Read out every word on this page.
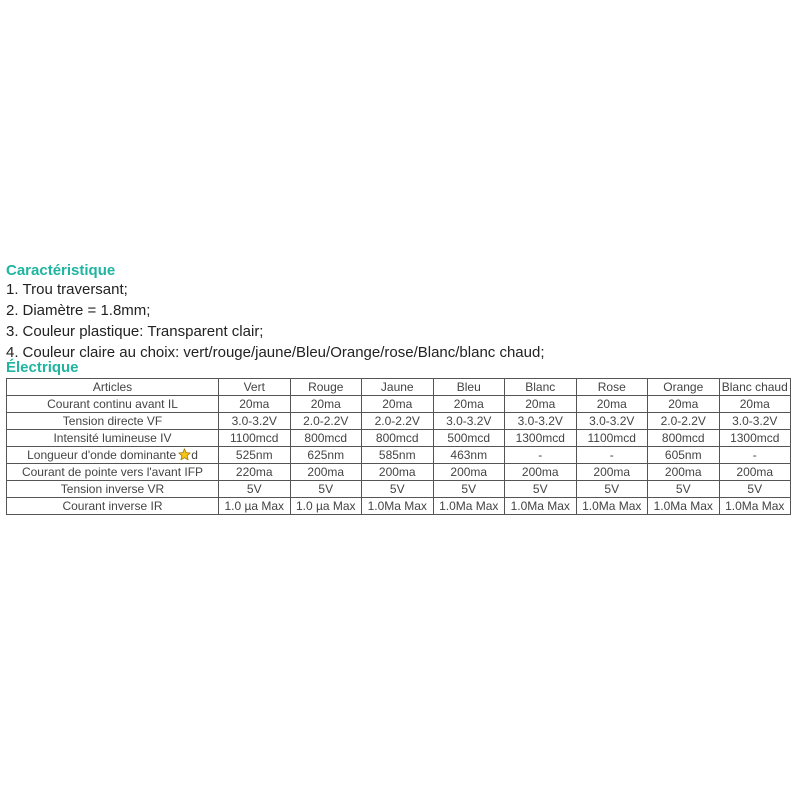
Caractéristique
1. Trou traversant;
2. Diamètre = 1.8mm;
3. Couleur plastique: Transparent clair;
4. Couleur claire au choix: vert/rouge/jaune/Bleu/Orange/rose/Blanc/blanc chaud;
Électrique
Articles	Vert	Rouge	Jaune	Bleu	Blanc	Rose	Orange	Blanc chaud
Courant continu avant IL	20ma	20ma	20ma	20ma	20ma	20ma	20ma	20ma
Tension directe VF	3.0-3.2V	2.0-2.2V	2.0-2.2V	3.0-3.2V	3.0-3.2V	3.0-3.2V	2.0-2.2V	3.0-3.2V
Intensité lumineuse IV	1100mcd	800mcd	800mcd	500mcd	1300mcd	1100mcd	800mcd	1300mcd
Longueur d'onde dominante d	525nm	625nm	585nm	463nm	-	-	605nm	-
Courant de pointe vers l'avant IFP	220ma	200ma	200ma	200ma	200ma	200ma	200ma	200ma
Tension inverse VR	5V	5V	5V	5V	5V	5V	5V	5V
Courant inverse IR	1.0 µa Max	1.0 µa Max	1.0Ma Max	1.0Ma Max	1.0Ma Max	1.0Ma Max	1.0Ma Max	1.0Ma Max
